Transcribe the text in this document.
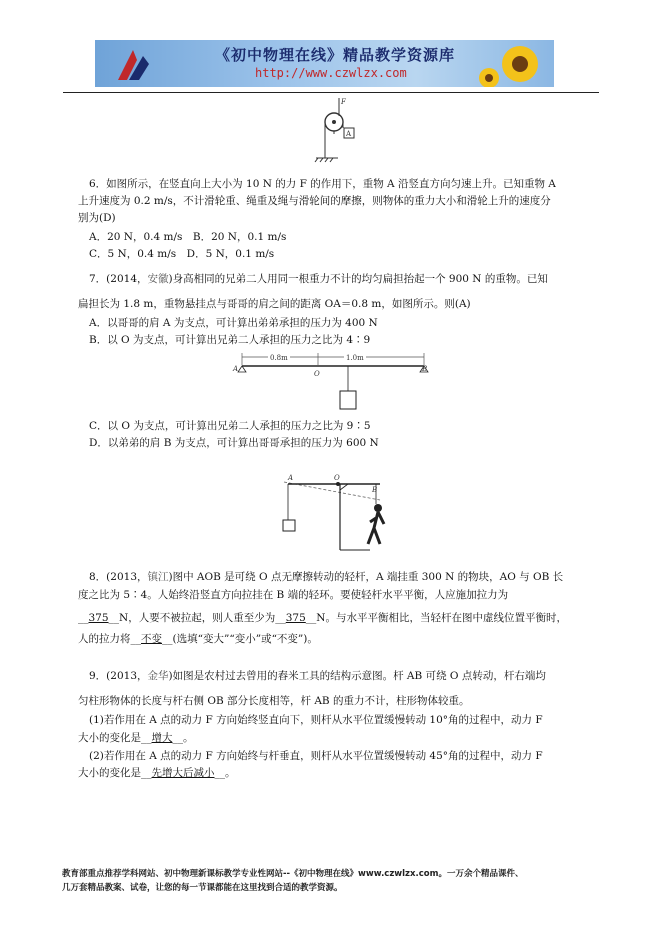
《初中物理在线》精品教学资源库
http://www.czwlzx.com
F
A
6．如图所示，在竖直向上大小为 10 N 的力 F 的作用下，重物 A 沿竖直方向匀速上升。已知重物 A
上升速度为 0.2 m/s，不计滑轮重、绳重及绳与滑轮间的摩擦，则物体的重力大小和滑轮上升的速度分
别为(D)
A．20 N，0.4 m/s　B．20 N，0.1 m/s
C．5 N，0.4 m/s　D．5 N，0.1 m/s
7．(2014，安徽)身高相同的兄弟二人用同一根重力不计的均匀扁担抬起一个 900 N 的重物。已知
扁担长为 1.8 m，重物悬挂点与哥哥的肩之间的距离 OA＝0.8 m，如图所示。则(A)
A．以哥哥的肩 A 为支点，可计算出弟弟承担的压力为 400 N
B．以 O 为支点，可计算出兄弟二人承担的压力之比为 4∶9
0.8m	1.0m
A
O
B
C．以 O 为支点，可计算出兄弟二人承担的压力之比为 9∶5
D．以弟弟的肩 B 为支点，可计算出哥哥承担的压力为 600 N
A	O
B
8．(2013，镇江)图中 AOB 是可绕 O 点无摩擦转动的轻杆，A 端挂重 300 N 的物块，AO 与 OB 长
度之比为 5∶4。人始终沿竖直方向拉挂在 B 端的轻环。要使轻杆水平平衡，人应施加拉力为
__375__N，人要不被拉起，则人重至少为__375__N。与水平平衡相比，当轻杆在图中虚线位置平衡时，
人的拉力将__不变__(选填“变大”“变小”或“不变”)。
9．(2013，金华)如图是农村过去曾用的舂米工具的结构示意图。杆 AB 可绕 O 点转动，杆右端均
匀柱形物体的长度与杆右侧 OB 部分长度相等，杆 AB 的重力不计，柱形物体较重。
(1)若作用在 A 点的动力 F 方向始终竖直向下，则杆从水平位置缓慢转动 10°角的过程中，动力 F
大小的变化是__增大__。
(2)若作用在 A 点的动力 F 方向始终与杆垂直，则杆从水平位置缓慢转动 45°角的过程中，动力 F
大小的变化是__先增大后减小__。
教育部重点推荐学科网站、初中物理新课标教学专业性网站--《初中物理在线》www.czwlzx.com。一万余个精品课件、
几万套精品教案、试卷，让您的每一节课都能在这里找到合适的教学资源。
